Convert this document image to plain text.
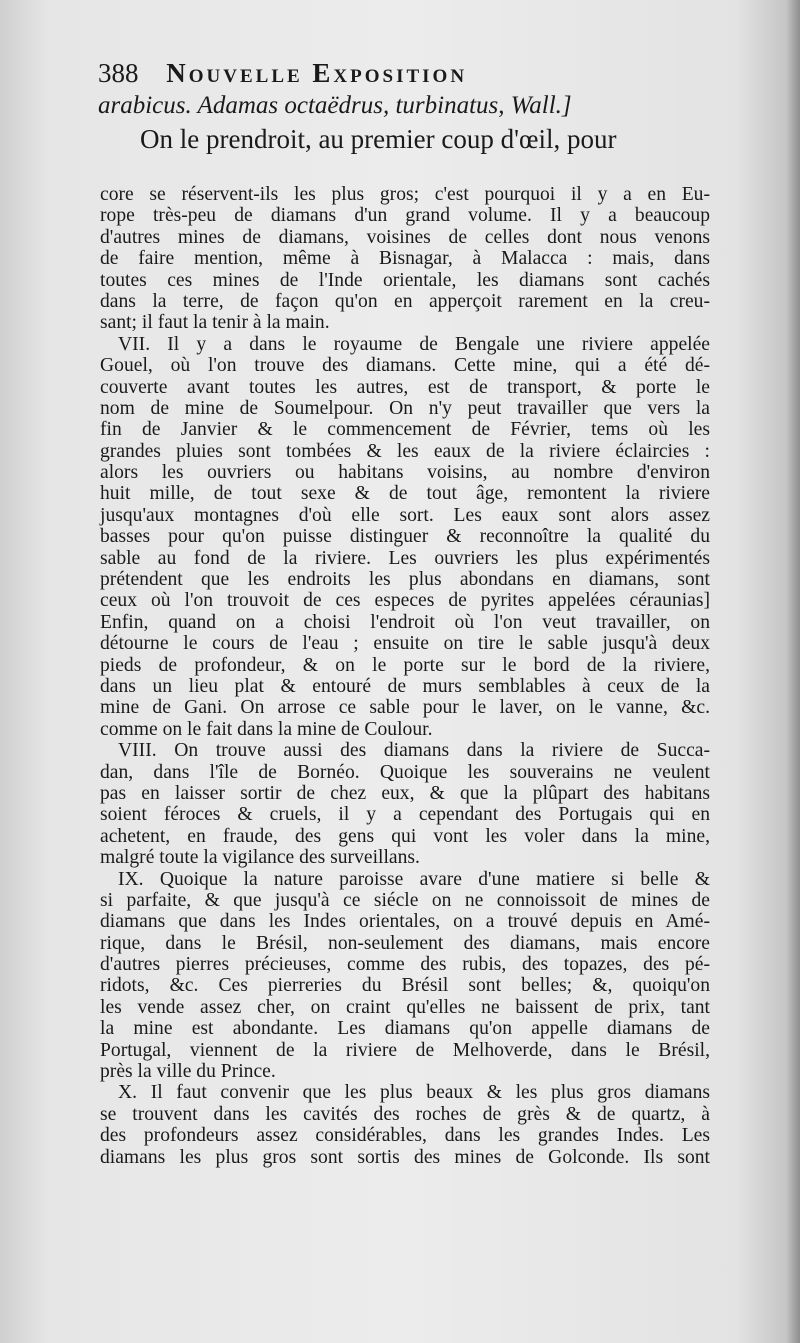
388 Nouvelle Exposition
arabicus. Adamas octaëdrus, turbinatus, Wall.]
On le prendroit, au premier coup d'œil, pour
core se réservent-ils les plus gros; c'est pourquoi il y a en Eu-
rope très-peu de diamans d'un grand volume. Il y a beaucoup
d'autres mines de diamans, voisines de celles dont nous venons
de faire mention, même à Bisnagar, à Malacca : mais, dans
toutes ces mines de l'Inde orientale, les diamans sont cachés
dans la terre, de façon qu'on en apperçoit rarement en la creu-
sant; il faut la tenir à la main.
VII. Il y a dans le royaume de Bengale une riviere appelée
Gouel, où l'on trouve des diamans. Cette mine, qui a été dé-
couverte avant toutes les autres, est de transport, & porte le
nom de mine de Soumelpour. On n'y peut travailler que vers la
fin de Janvier & le commencement de Février, tems où les
grandes pluies sont tombées & les eaux de la riviere éclaircies :
alors les ouvriers ou habitans voisins, au nombre d'environ
huit mille, de tout sexe & de tout âge, remontent la riviere
jusqu'aux montagnes d'où elle sort. Les eaux sont alors assez
basses pour qu'on puisse distinguer & reconnoître la qualité du
sable au fond de la riviere. Les ouvriers les plus expérimentés
prétendent que les endroits les plus abondans en diamans, sont
ceux où l'on trouvoit de ces especes de pyrites appelées céraunias]
Enfin, quand on a choisi l'endroit où l'on veut travailler, on
détourne le cours de l'eau ; ensuite on tire le sable jusqu'à deux
pieds de profondeur, & on le porte sur le bord de la riviere,
dans un lieu plat & entouré de murs semblables à ceux de la
mine de Gani. On arrose ce sable pour le laver, on le vanne, &c.
comme on le fait dans la mine de Coulour.
VIII. On trouve aussi des diamans dans la riviere de Succa-
dan, dans l'île de Bornéo. Quoique les souverains ne veulent
pas en laisser sortir de chez eux, & que la plûpart des habitans
soient féroces & cruels, il y a cependant des Portugais qui en
achetent, en fraude, des gens qui vont les voler dans la mine,
malgré toute la vigilance des surveillans.
IX. Quoique la nature paroisse avare d'une matiere si belle &
si parfaite, & que jusqu'à ce siécle on ne connoissoit de mines de
diamans que dans les Indes orientales, on a trouvé depuis en Amé-
rique, dans le Brésil, non-seulement des diamans, mais encore
d'autres pierres précieuses, comme des rubis, des topazes, des pé-
ridots, &c. Ces pierreries du Brésil sont belles; &, quoiqu'on
les vende assez cher, on craint qu'elles ne baissent de prix, tant
la mine est abondante. Les diamans qu'on appelle diamans de
Portugal, viennent de la riviere de Melhoverde, dans le Brésil,
près la ville du Prince.
X. Il faut convenir que les plus beaux & les plus gros diamans
se trouvent dans les cavités des roches de grès & de quartz, à
des profondeurs assez considérables, dans les grandes Indes. Les
diamans les plus gros sont sortis des mines de Golconde. Ils sont
